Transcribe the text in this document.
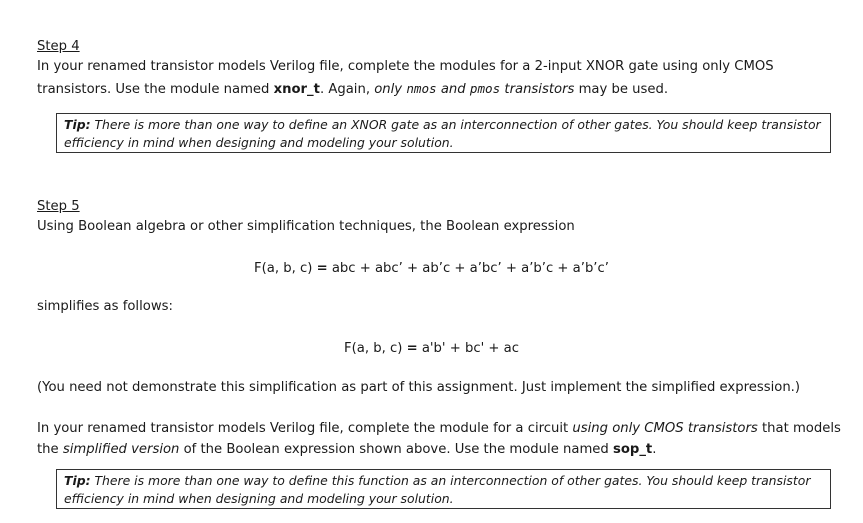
Step 4
In your renamed transistor models Verilog file, complete the modules for a 2-input XNOR gate using only CMOS
transistors. Use the module named xnor_t. Again, only nmos and pmos transistors may be used.
Tip: There is more than one way to define an XNOR gate as an interconnection of other gates. You should keep transistor efficiency in mind when designing and modeling your solution.
Step 5
Using Boolean algebra or other simplification techniques, the Boolean expression
F(a, b, c) = abc + abc’ + ab’c + a’bc’ + a’b’c + a’b’c’
simplifies as follows:
F(a, b, c) = a'b' + bc' + ac
(You need not demonstrate this simplification as part of this assignment. Just implement the simplified expression.)
In your renamed transistor models Verilog file, complete the module for a circuit using only CMOS transistors that models
the simplified version of the Boolean expression shown above. Use the module named sop_t.
Tip: There is more than one way to define this function as an interconnection of other gates. You should keep transistor efficiency in mind when designing and modeling your solution.
